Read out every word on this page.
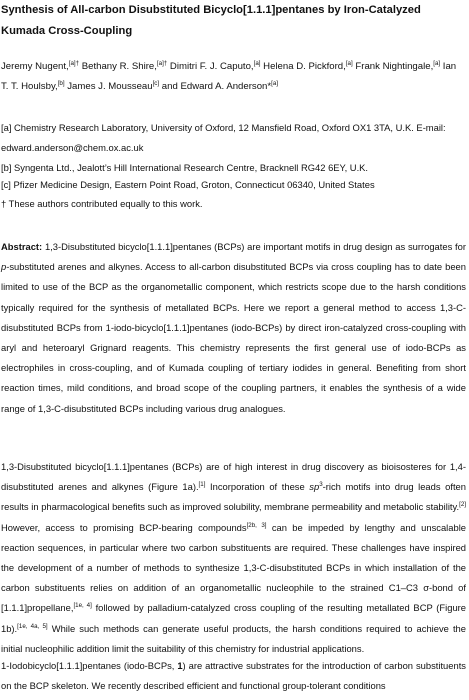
Synthesis of All-carbon Disubstituted Bicyclo[1.1.1]pentanes by Iron-Catalyzed Kumada Cross-Coupling

Jeremy Nugent,$^{[a]\dagger}$ Bethany R. Shire,$^{[a]\dagger}$ Dimitri F. J. Caputo,[a] Helena D. Pickford,[a] Frank Nightingale,[a] Ian T. T. Houlsby,[b] James J. Mousseau[c] and Edward A. Anderson*[a]

[a] Chemistry Research Laboratory, University of Oxford, 12 Mansfield Road, Oxford OX1 3TA, U.K. E-mail: edward.anderson@chem.ox.ac.uk

[b] Syngenta Ltd., Jealott’s Hill International Research Centre, Bracknell RG42 6EY, U.K.

[c] Pfizer Medicine Design, Eastern Point Road, Groton, Connecticut 06340, United States

† These authors contributed equally to this work.

Abstract: 1,3-Disubstituted bicyclo[1.1.1]pentanes (BCPs) are important motifs in drug design as surrogates for p-substituted arenes and alkynes. Access to all-carbon disubstituted BCPs via cross coupling has to date been limited to use of the BCP as the organometallic component, which restricts scope due to the harsh conditions typically required for the synthesis of metallated BCPs. Here we report a general method to access 1,3-C-disubstituted BCPs from 1-iodo-bicyclo[1.1.1]pentanes (iodo-BCPs) by direct iron-catalyzed cross-coupling with aryl and heteroaryl Grignard reagents. This chemistry represents the first general use of iodo-BCPs as electrophiles in cross-coupling, and of Kumada coupling of tertiary iodides in general. Benefiting from short reaction times, mild conditions, and broad scope of the coupling partners, it enables the synthesis of a wide range of 1,3-C-disubstituted BCPs including various drug analogues.

1,3-Disubstituted bicyclo[1.1.1]pentanes (BCPs) are of high interest in drug discovery as bioisosteres for 1,4-disubstituted arenes and alkynes (Figure 1a).[1] Incorporation of these $sp^3$-rich motifs into drug leads often results in pharmacological benefits such as improved solubility, membrane permeability and metabolic stability.[2] However, access to promising BCP-bearing compounds[2b, 3] can be impeded by lengthy and unscalable reaction sequences, in particular where two carbon substituents are required. These challenges have inspired the development of a number of methods to synthesize 1,3-C-disubstituted BCPs in which installation of the carbon substituents relies on addition of an organometallic nucleophile to the strained C1–C3 σ-bond of [1.1.1]propellane,[1e, 4] followed by palladium-catalyzed cross coupling of the resulting metallated BCP (Figure 1b).[1e, 4a, 5] While such methods can generate useful products, the harsh conditions required to achieve the initial nucleophilic addition limit the suitability of this chemistry for industrial applications.

1-Iodobicyclo[1.1.1]pentanes (iodo-BCPs, 1) are attractive substrates for the introduction of carbon substituents on the BCP skeleton. We recently described efficient and functional group-tolerant conditions
